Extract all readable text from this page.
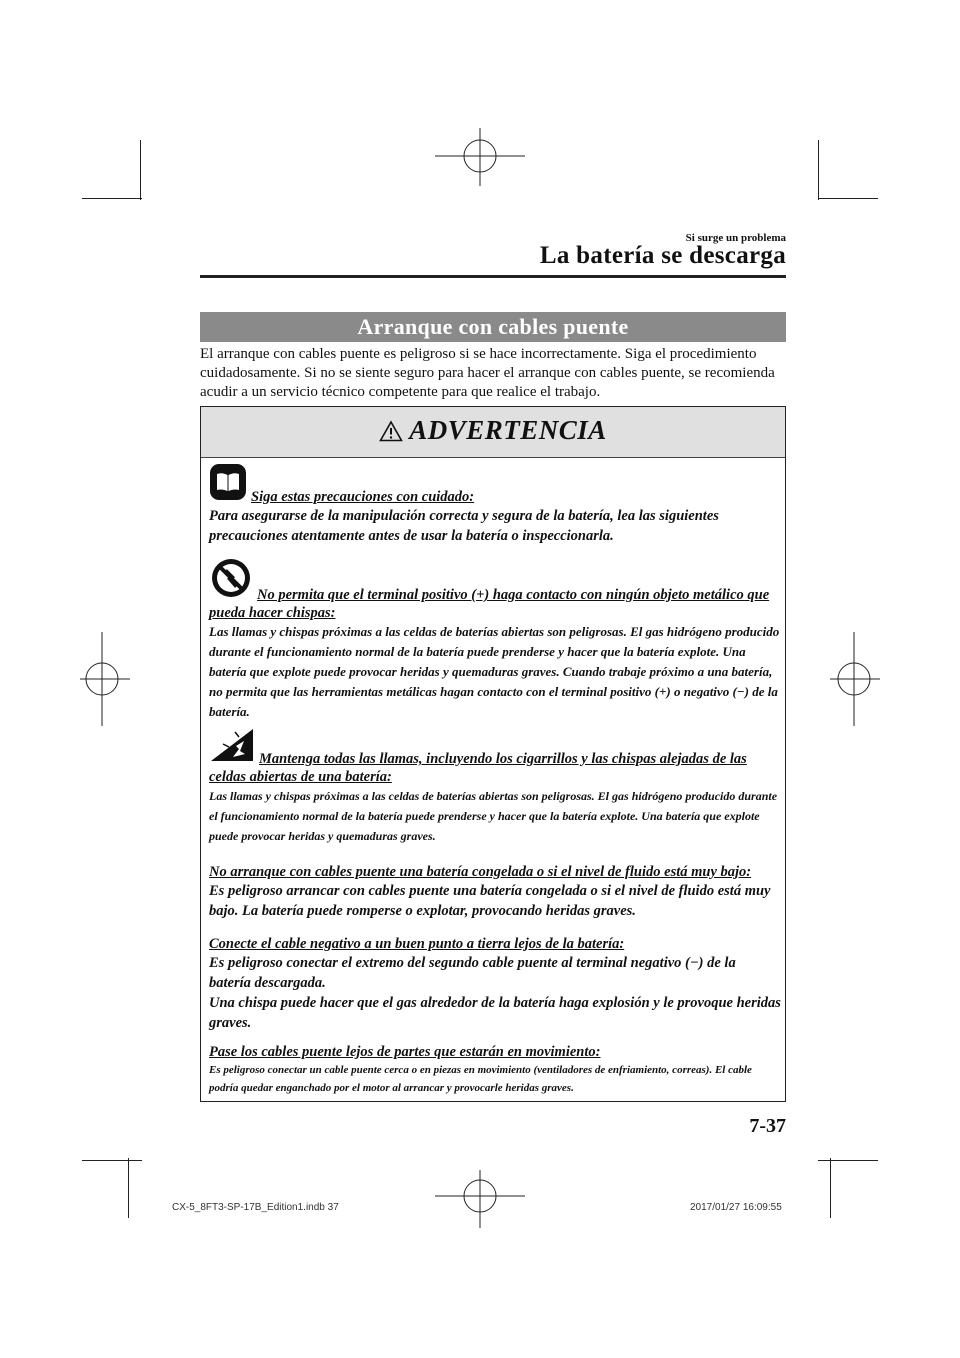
Si surge un problema
La batería se descarga
Arranque con cables puente
El arranque con cables puente es peligroso si se hace incorrectamente. Siga el procedimiento cuidadosamente. Si no se siente seguro para hacer el arranque con cables puente, se recomienda acudir a un servicio técnico competente para que realice el trabajo.
ADVERTENCIA
Siga estas precauciones con cuidado:
Para asegurarse de la manipulación correcta y segura de la batería, lea las siguientes precauciones atentamente antes de usar la batería o inspeccionarla.
No permita que el terminal positivo (+) haga contacto con ningún objeto metálico que pueda hacer chispas:
Las llamas y chispas próximas a las celdas de baterías abiertas son peligrosas. El gas hidrógeno producido durante el funcionamiento normal de la batería puede prenderse y hacer que la batería explote. Una batería que explote puede provocar heridas y quemaduras graves. Cuando trabaje próximo a una batería, no permita que las herramientas metálicas hagan contacto con el terminal positivo (+) o negativo (−) de la batería.
Mantenga todas las llamas, incluyendo los cigarrillos y las chispas alejadas de las celdas abiertas de una batería:
Las llamas y chispas próximas a las celdas de baterías abiertas son peligrosas. El gas hidrógeno producido durante el funcionamiento normal de la batería puede prenderse y hacer que la batería explote. Una batería que explote puede provocar heridas y quemaduras graves.
No arranque con cables puente una batería congelada o si el nivel de fluido está muy bajo:
Es peligroso arrancar con cables puente una batería congelada o si el nivel de fluido está muy bajo. La batería puede romperse o explotar, provocando heridas graves.
Conecte el cable negativo a un buen punto a tierra lejos de la batería:
Es peligroso conectar el extremo del segundo cable puente al terminal negativo (−) de la batería descargada.
Una chispa puede hacer que el gas alrededor de la batería haga explosión y le provoque heridas graves.
Pase los cables puente lejos de partes que estarán en movimiento:
Es peligroso conectar un cable puente cerca o en piezas en movimiento (ventiladores de enfriamiento, correas). El cable podría quedar enganchado por el motor al arrancar y provocarle heridas graves.
7-37
CX-5_8FT3-SP-17B_Edition1.indb 37	2017/01/27 16:09:55
